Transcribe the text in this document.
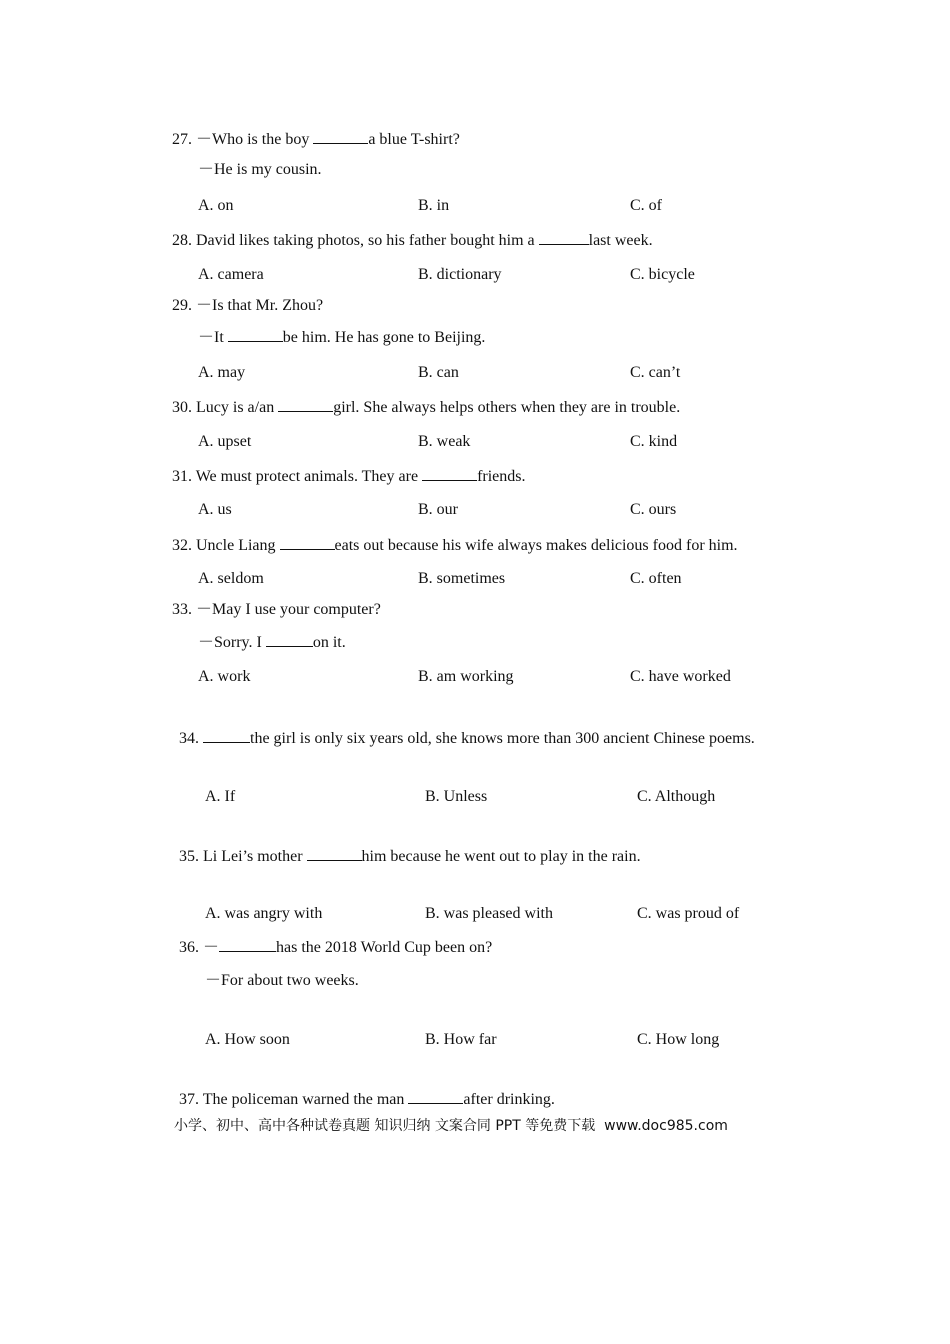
27. －Who is the boy	a blue T-shirt?
－He is my cousin.
A. on	B. in	C. of
28. David likes taking photos, so his father bought him a	last week.
A. camera	B. dictionary	C. bicycle
29. －Is that Mr. Zhou?
－It	be him. He has gone to Beijing.
A. may	B. can	C. can’t
30. Lucy is a/an	girl. She always helps others when they are in trouble.
A. upset	B. weak	C. kind
31. We must protect animals. They are	friends.
A. us	B. our	C. ours
32. Uncle Liang	eats out because his wife always makes delicious food for him.
A. seldom	B. sometimes	C. often
33. －May I use your computer?
－Sorry. I	on it.
A. work	B. am working	C. have worked
34.	the girl is only six years old, she knows more than 300 ancient Chinese poems.
A. If	B. Unless	C. Although
35. Li Lei’s mother	him because he went out to play in the rain.
A. was angry with	B. was pleased with	C. was proud of
36. －	has the 2018 World Cup been on?
－For about two weeks.
A. How soon	B. How far	C. How long
37. The policeman warned the man	after drinking.
小学、初中、高中各种试卷真题 知识归纳 文案合同 PPT 等免费下载 www.doc985.com
